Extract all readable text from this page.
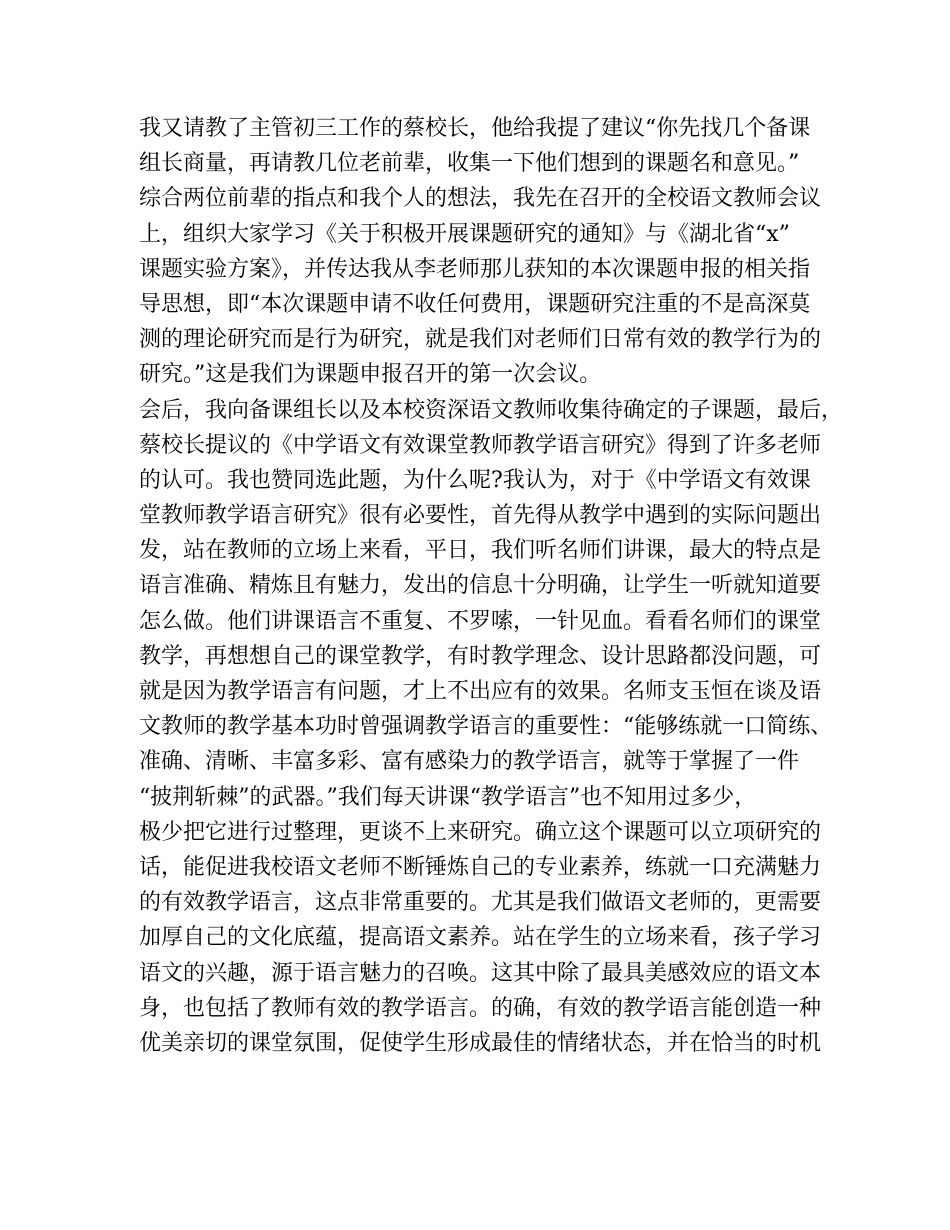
我又请教了主管初三工作的蔡校长，他给我提了建议“你先找几个备课
组长商量，再请教几位老前辈，收集一下他们想到的课题名和意见。”
综合两位前辈的指点和我个人的想法，我先在召开的全校语文教师会议
上，组织大家学习《关于积极开展课题研究的通知》与《湖北省“x”
课题实验方案》，并传达我从李老师那儿获知的本次课题申报的相关指
导思想，即“本次课题申请不收任何费用，课题研究注重的不是高深莫
测的理论研究而是行为研究，就是我们对老师们日常有效的教学行为的
研究。”这是我们为课题申报召开的第一次会议。
会后，我向备课组长以及本校资深语文教师收集待确定的子课题，最后，
蔡校长提议的《中学语文有效课堂教师教学语言研究》得到了许多老师
的认可。我也赞同选此题，为什么呢?我认为，对于《中学语文有效课
堂教师教学语言研究》很有必要性，首先得从教学中遇到的实际问题出
发，站在教师的立场上来看，平日，我们听名师们讲课，最大的特点是
语言准确、精炼且有魅力，发出的信息十分明确，让学生一听就知道要
怎么做。他们讲课语言不重复、不罗嗦，一针见血。看看名师们的课堂
教学，再想想自己的课堂教学，有时教学理念、设计思路都没问题，可
就是因为教学语言有问题，才上不出应有的效果。名师支玉恒在谈及语
文教师的教学基本功时曾强调教学语言的重要性：“能够练就一口简练、
准确、清晰、丰富多彩、富有感染力的教学语言，就等于掌握了一件
“披荆斩棘”的武器。”我们每天讲课“教学语言”也不知用过多少，
极少把它进行过整理，更谈不上来研究。确立这个课题可以立项研究的
话，能促进我校语文老师不断锤炼自己的专业素养，练就一口充满魅力
的有效教学语言，这点非常重要的。尤其是我们做语文老师的，更需要
加厚自己的文化底蕴，提高语文素养。站在学生的立场来看，孩子学习
语文的兴趣，源于语言魅力的召唤。这其中除了最具美感效应的语文本
身，也包括了教师有效的教学语言。的确，有效的教学语言能创造一种
优美亲切的课堂氛围，促使学生形成最佳的情绪状态，并在恰当的时机
